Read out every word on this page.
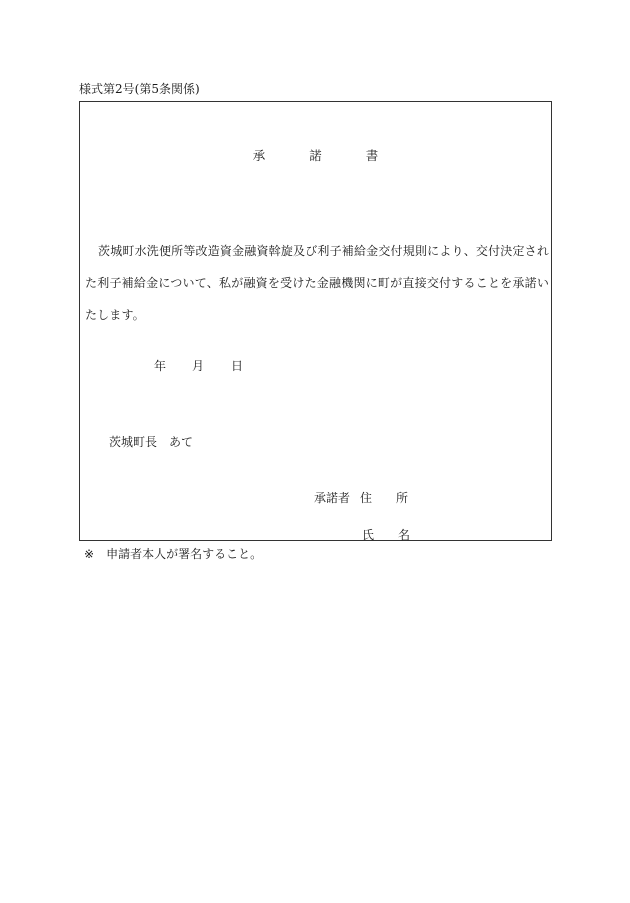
様式第2号(第5条関係)
承	諾	書
茨城町水洗便所等改造資金融資斡旋及び利子補給金交付規則により、交付決定された利子補給金について、私が融資を受けた金融機関に町が直接交付することを承諾いたします。
年 月 日
茨城町長 あて
承諾者 住 所
氏 名
※ 申請者本人が署名すること。
